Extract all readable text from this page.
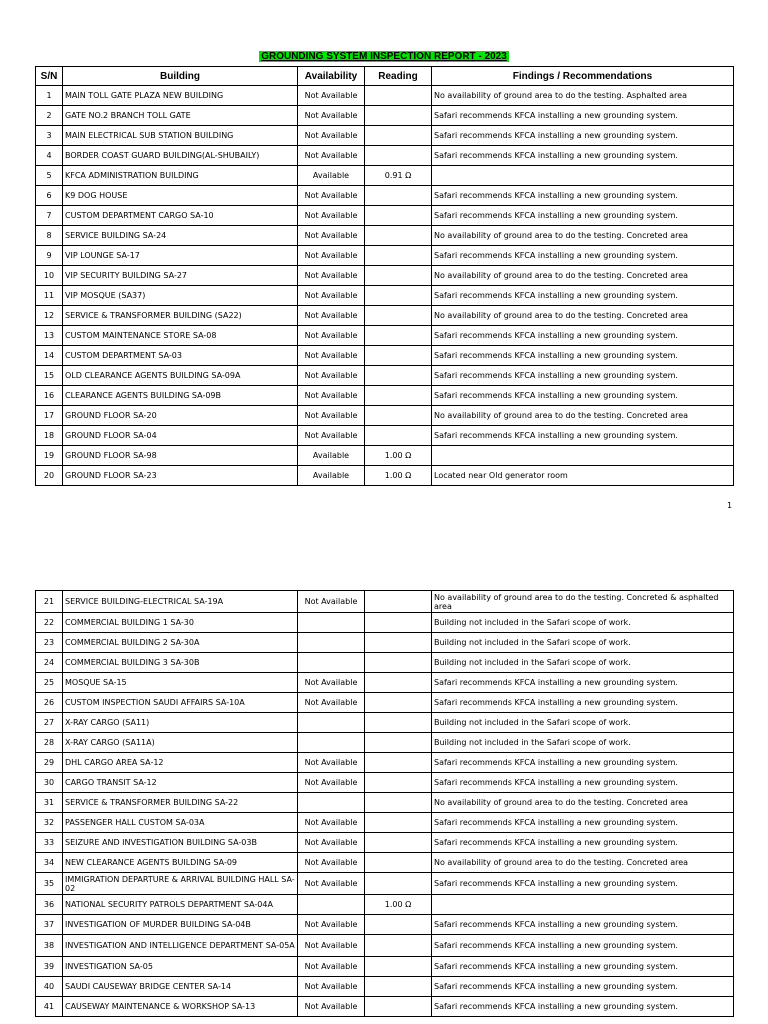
GROUNDING SYSTEM INSPECTION REPORT - 2023
S/N	Building	Availability	Reading	Findings / Recommendations
1	MAIN TOLL GATE PLAZA NEW BUILDING	Not Available		No availability of ground area to do the testing. Asphalted area
2	GATE NO.2 BRANCH TOLL GATE	Not Available		Safari recommends KFCA installing a new grounding system.
3	MAIN ELECTRICAL SUB STATION BUILDING	Not Available		Safari recommends KFCA installing a new grounding system.
4	BORDER COAST GUARD BUILDING(AL-SHUBAILY)	Not Available		Safari recommends KFCA installing a new grounding system.
5	KFCA ADMINISTRATION BUILDING	Available	0.91 Ω	
6	K9 DOG HOUSE	Not Available		Safari recommends KFCA installing a new grounding system.
7	CUSTOM DEPARTMENT CARGO SA-10	Not Available		Safari recommends KFCA installing a new grounding system.
8	SERVICE BUILDING SA-24	Not Available		No availability of ground area to do the testing. Concreted area
9	VIP LOUNGE SA-17	Not Available		Safari recommends KFCA installing a new grounding system.
10	VIP SECURITY BUILDING SA-27	Not Available		No availability of ground area to do the testing. Concreted area
11	VIP MOSQUE (SA37)	Not Available		Safari recommends KFCA installing a new grounding system.
12	SERVICE & TRANSFORMER BUILDING (SA22)	Not Available		No availability of ground area to do the testing. Concreted area
13	CUSTOM MAINTENANCE STORE SA-08	Not Available		Safari recommends KFCA installing a new grounding system.
14	CUSTOM DEPARTMENT SA-03	Not Available		Safari recommends KFCA installing a new grounding system.
15	OLD CLEARANCE AGENTS BUILDING SA-09A	Not Available		Safari recommends KFCA installing a new grounding system.
16	CLEARANCE AGENTS BUILDING SA-09B	Not Available		Safari recommends KFCA installing a new grounding system.
17	GROUND FLOOR SA-20	Not Available		No availability of ground area to do the testing. Concreted area
18	GROUND FLOOR SA-04	Not Available		Safari recommends KFCA installing a new grounding system.
19	GROUND FLOOR SA-98	Available	1.00 Ω	
20	GROUND FLOOR SA-23	Available	1.00 Ω	Located near Old generator room
1
21	SERVICE BUILDING-ELECTRICAL SA-19A	Not Available		No availability of ground area to do the testing. Concreted & asphalted area
22	COMMERCIAL BUILDING 1 SA-30			Building not included in the Safari scope of work.
23	COMMERCIAL BUILDING 2 SA-30A			Building not included in the Safari scope of work.
24	COMMERCIAL BUILDING 3 SA-30B			Building not included in the Safari scope of work.
25	MOSQUE SA-15	Not Available		Safari recommends KFCA installing a new grounding system.
26	CUSTOM INSPECTION SAUDI AFFAIRS SA-10A	Not Available		Safari recommends KFCA installing a new grounding system.
27	X-RAY CARGO (SA11)			Building not included in the Safari scope of work.
28	X-RAY CARGO (SA11A)			Building not included in the Safari scope of work.
29	DHL CARGO AREA SA-12	Not Available		Safari recommends KFCA installing a new grounding system.
30	CARGO TRANSIT SA-12	Not Available		Safari recommends KFCA installing a new grounding system.
31	SERVICE & TRANSFORMER BUILDING SA-22			No availability of ground area to do the testing. Concreted area
32	PASSENGER HALL CUSTOM SA-03A	Not Available		Safari recommends KFCA installing a new grounding system.
33	SEIZURE AND INVESTIGATION BUILDING SA-03B	Not Available		Safari recommends KFCA installing a new grounding system.
34	NEW CLEARANCE AGENTS BUILDING SA-09	Not Available		No availability of ground area to do the testing. Concreted area
35	IMMIGRATION DEPARTURE & ARRIVAL BUILDING HALL SA-02	Not Available		Safari recommends KFCA installing a new grounding system.
36	NATIONAL SECURITY PATROLS DEPARTMENT SA-04A		1.00 Ω	
37	INVESTIGATION OF MURDER BUILDING SA-04B	Not Available		Safari recommends KFCA installing a new grounding system.
38	INVESTIGATION AND INTELLIGENCE DEPARTMENT SA-05A	Not Available		Safari recommends KFCA installing a new grounding system.
39	INVESTIGATION SA-05	Not Available		Safari recommends KFCA installing a new grounding system.
40	SAUDI CAUSEWAY BRIDGE CENTER SA-14	Not Available		Safari recommends KFCA installing a new grounding system.
41	CAUSEWAY MAINTENANCE & WORKSHOP SA-13	Not Available		Safari recommends KFCA installing a new grounding system.
